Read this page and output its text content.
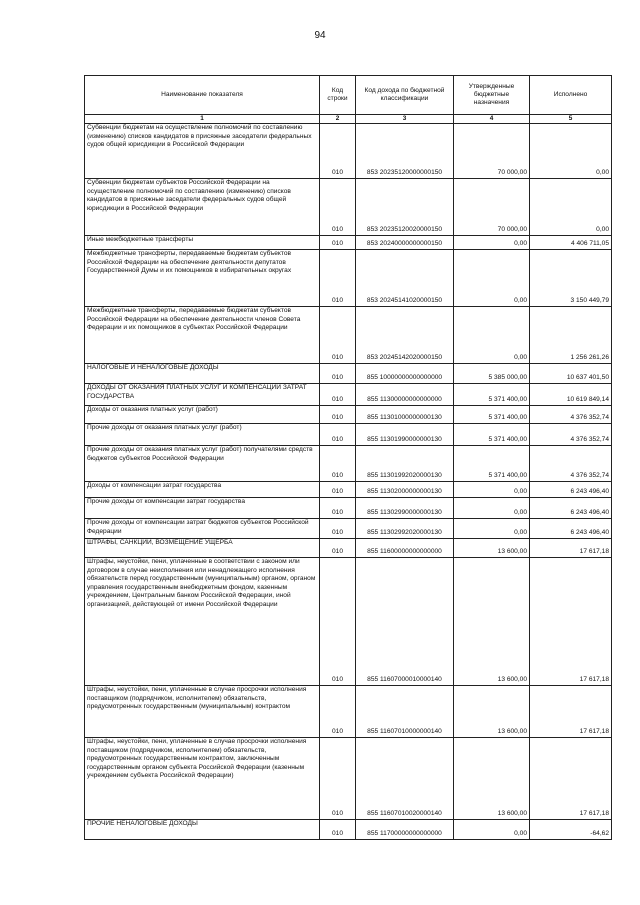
94
Наименование показателя	Код строки	Код дохода по бюджетной классификации	Утвержденные бюджетные назначения	Исполнено
1	2	3	4	5
Субвенции бюджетам на осуществление полномочий по составлению (изменению) списков кандидатов в присяжные заседатели федеральных судов общей юрисдикции в Российской Федерации	010	853 20235120000000150	70 000,00	0,00
Субвенции бюджетам субъектов Российской Федерации на осуществление полномочий по составлению (изменению) списков кандидатов в присяжные заседатели федеральных судов общей юрисдикции в Российской Федерации	010	853 20235120020000150	70 000,00	0,00
Иные межбюджетные трансферты	010	853 20240000000000150	0,00	4 406 711,05
Межбюджетные трансферты, передаваемые бюджетам субъектов Российской Федерации на обеспечение деятельности депутатов Государственной Думы и их помощников в избирательных округах	010	853 20245141020000150	0,00	3 150 449,79
Межбюджетные трансферты, передаваемые бюджетам субъектов Российской Федерации на обеспечение деятельности членов Совета Федерации и их помощников в субъектах Российской Федерации	010	853 20245142020000150	0,00	1 256 261,26
НАЛОГОВЫЕ И НЕНАЛОГОВЫЕ ДОХОДЫ	010	855 10000000000000000	5 385 000,00	10 637 401,50
ДОХОДЫ ОТ ОКАЗАНИЯ ПЛАТНЫХ УСЛУГ И КОМПЕНСАЦИИ ЗАТРАТ ГОСУДАРСТВА	010	855 11300000000000000	5 371 400,00	10 619 849,14
Доходы от оказания платных услуг (работ)	010	855 11301000000000130	5 371 400,00	4 376 352,74
Прочие доходы от оказания платных услуг (работ)	010	855 11301990000000130	5 371 400,00	4 376 352,74
Прочие доходы от оказания платных услуг (работ) получателями средств бюджетов субъектов Российской Федерации	010	855 11301992020000130	5 371 400,00	4 376 352,74
Доходы от компенсации затрат государства	010	855 11302000000000130	0,00	6 243 496,40
Прочие доходы от компенсации затрат государства	010	855 11302990000000130	0,00	6 243 496,40
Прочие доходы от компенсации затрат бюджетов субъектов Российской Федерации	010	855 11302992020000130	0,00	6 243 496,40
ШТРАФЫ, САНКЦИИ, ВОЗМЕЩЕНИЕ УЩЕРБА	010	855 11600000000000000	13 600,00	17 617,18
Штрафы, неустойки, пени, уплаченные в соответствии с законом или договором в случае неисполнения или ненадлежащего исполнения обязательств перед государственным (муниципальным) органом, органом управления государственным внебюджетным фондом, казенным учреждением, Центральным банком Российской Федерации, иной организацией, действующей от имени Российской Федерации	010	855 11607000010000140	13 600,00	17 617,18
Штрафы, неустойки, пени, уплаченные в случае просрочки исполнения поставщиком (подрядчиком, исполнителем) обязательств, предусмотренных государственным (муниципальным) контрактом	010	855 11607010000000140	13 600,00	17 617,18
Штрафы, неустойки, пени, уплаченные в случае просрочки исполнения поставщиком (подрядчиком, исполнителем) обязательств, предусмотренных государственным контрактом, заключенным государственным органом субъекта Российской Федерации (казенным учреждением субъекта Российской Федерации)	010	855 11607010020000140	13 600,00	17 617,18
ПРОЧИЕ НЕНАЛОГОВЫЕ ДОХОДЫ	010	855 11700000000000000	0,00	-64,62
